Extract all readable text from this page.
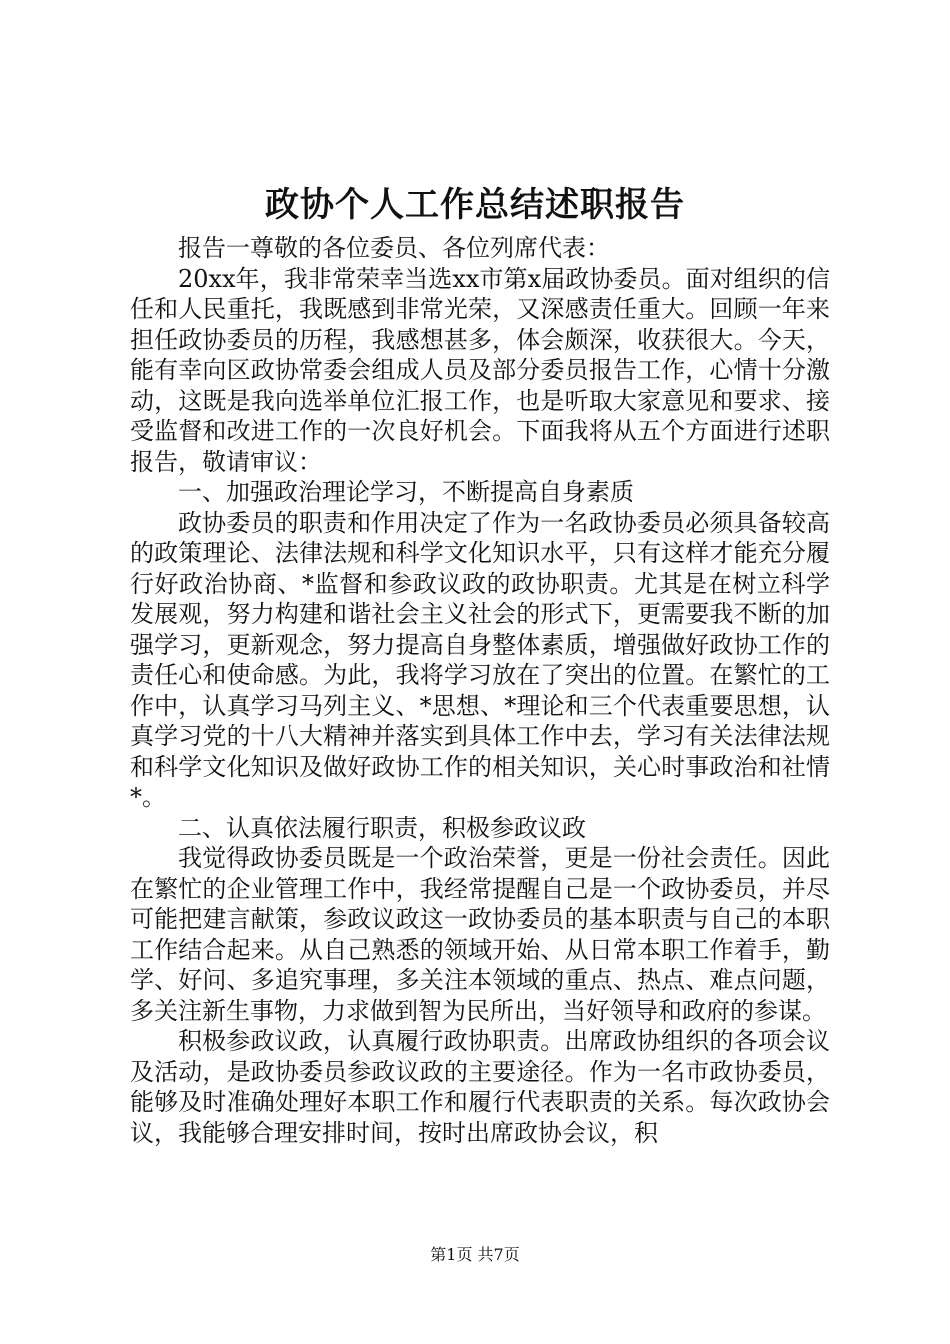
政协个人工作总结述职报告

报告一尊敬的各位委员、各位列席代表：

20xx年，我非常荣幸当选xx市第x届政协委员。面对组织的信任和人民重托，我既感到非常光荣，又深感责任重大。回顾一年来担任政协委员的历程，我感想甚多，体会颇深，收获很大。今天，能有幸向区政协常委会组成人员及部分委员报告工作，心情十分激动，这既是我向选举单位汇报工作，也是听取大家意见和要求、接受监督和改进工作的一次良好机会。下面我将从五个方面进行述职报告，敬请审议：

一、加强政治理论学习，不断提高自身素质

政协委员的职责和作用决定了作为一名政协委员必须具备较高的政策理论、法律法规和科学文化知识水平，只有这样才能充分履行好政治协商、*监督和参政议政的政协职责。尤其是在树立科学发展观，努力构建和谐社会主义社会的形式下，更需要我不断的加强学习，更新观念，努力提高自身整体素质，增强做好政协工作的责任心和使命感。为此，我将学习放在了突出的位置。在繁忙的工作中，认真学习马列主义、*思想、*理论和三个代表重要思想，认真学习党的十八大精神并落实到具体工作中去，学习有关法律法规和科学文化知识及做好政协工作的相关知识，关心时事政治和社情*。

二、认真依法履行职责，积极参政议政

我觉得政协委员既是一个政治荣誉，更是一份社会责任。因此在繁忙的企业管理工作中，我经常提醒自己是一个政协委员，并尽可能把建言献策，参政议政这一政协委员的基本职责与自己的本职工作结合起来。从自己熟悉的领域开始、从日常本职工作着手，勤学、好问、多追究事理，多关注本领域的重点、热点、难点问题，多关注新生事物，力求做到智为民所出，当好领导和政府的参谋。

积极参政议政，认真履行政协职责。出席政协组织的各项会议及活动，是政协委员参政议政的主要途径。作为一名市政协委员，能够及时准确处理好本职工作和履行代表职责的关系。每次政协会议，我能够合理安排时间，按时出席政协会议，积

第1页 共7页
